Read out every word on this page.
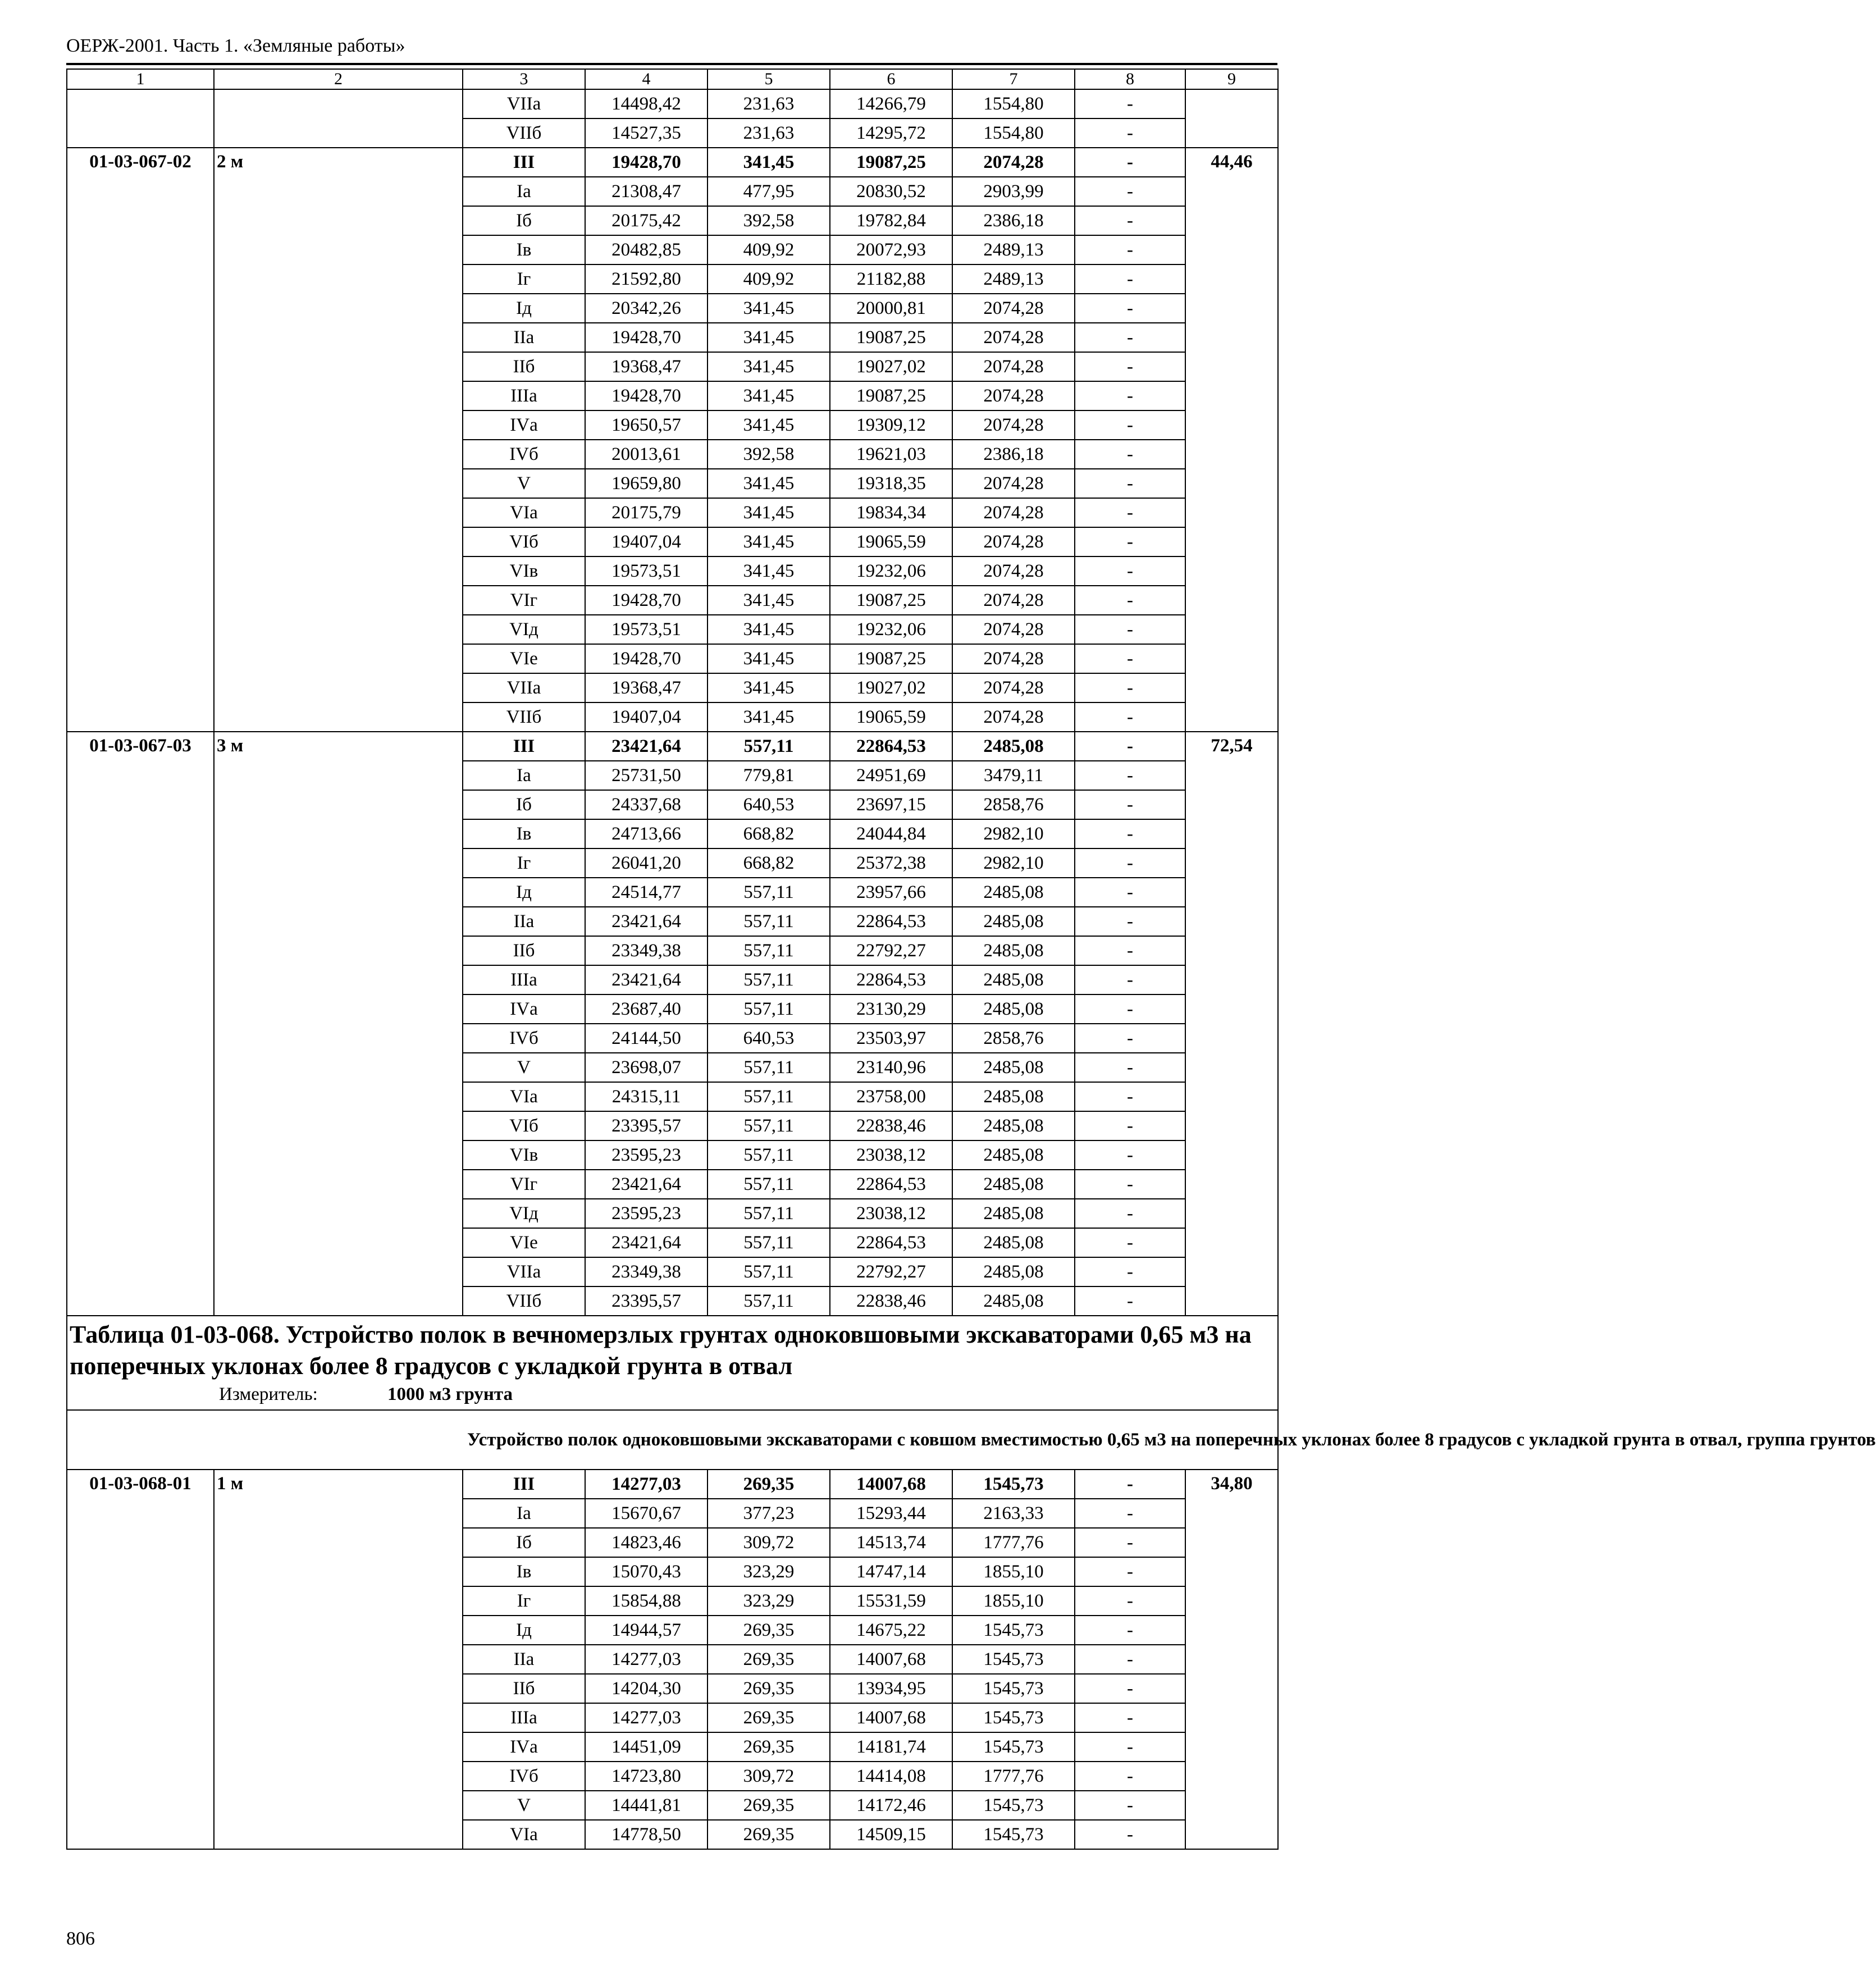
ОЕРЖ-2001. Часть 1. «Земляные работы»
1	2	3	4	5	6	7	8	9
		VIIа	14498,42	231,63	14266,79	1554,80	-	
		VIIб	14527,35	231,63	14295,72	1554,80	-	
01-03-067-02	2 м	III	19428,70	341,45	19087,25	2074,28	-	44,46
		Iа	21308,47	477,95	20830,52	2903,99	-	
		Iб	20175,42	392,58	19782,84	2386,18	-	
		Iв	20482,85	409,92	20072,93	2489,13	-	
		Iг	21592,80	409,92	21182,88	2489,13	-	
		Iд	20342,26	341,45	20000,81	2074,28	-	
		IIа	19428,70	341,45	19087,25	2074,28	-	
		IIб	19368,47	341,45	19027,02	2074,28	-	
		IIIа	19428,70	341,45	19087,25	2074,28	-	
		IVа	19650,57	341,45	19309,12	2074,28	-	
		IVб	20013,61	392,58	19621,03	2386,18	-	
		V	19659,80	341,45	19318,35	2074,28	-	
		VIа	20175,79	341,45	19834,34	2074,28	-	
		VIб	19407,04	341,45	19065,59	2074,28	-	
		VIв	19573,51	341,45	19232,06	2074,28	-	
		VIг	19428,70	341,45	19087,25	2074,28	-	
		VIд	19573,51	341,45	19232,06	2074,28	-	
		VIе	19428,70	341,45	19087,25	2074,28	-	
		VIIа	19368,47	341,45	19027,02	2074,28	-	
		VIIб	19407,04	341,45	19065,59	2074,28	-	
01-03-067-03	3 м	III	23421,64	557,11	22864,53	2485,08	-	72,54
		Iа	25731,50	779,81	24951,69	3479,11	-	
		Iб	24337,68	640,53	23697,15	2858,76	-	
		Iв	24713,66	668,82	24044,84	2982,10	-	
		Iг	26041,20	668,82	25372,38	2982,10	-	
		Iд	24514,77	557,11	23957,66	2485,08	-	
		IIа	23421,64	557,11	22864,53	2485,08	-	
		IIб	23349,38	557,11	22792,27	2485,08	-	
		IIIа	23421,64	557,11	22864,53	2485,08	-	
		IVа	23687,40	557,11	23130,29	2485,08	-	
		IVб	24144,50	640,53	23503,97	2858,76	-	
		V	23698,07	557,11	23140,96	2485,08	-	
		VIа	24315,11	557,11	23758,00	2485,08	-	
		VIб	23395,57	557,11	22838,46	2485,08	-	
		VIв	23595,23	557,11	23038,12	2485,08	-	
		VIг	23421,64	557,11	22864,53	2485,08	-	
		VIд	23595,23	557,11	23038,12	2485,08	-	
		VIе	23421,64	557,11	22864,53	2485,08	-	
		VIIа	23349,38	557,11	22792,27	2485,08	-	
		VIIб	23395,57	557,11	22838,46	2485,08	-	

Таблица 01-03-068. Устройство полок в вечномерзлых грунтах одноковшовыми экскаваторами 0,65 м3 на поперечных уклонах более 8 градусов с укладкой грунта в отвал
Измеритель: 1000 м3 грунта								

		Устройство полок одноковшовыми экскаваторами с ковшом вместимостью 0,65 м3 на поперечных уклонах более 8 градусов с укладкой грунта в отвал, группа грунтов						
01-03-068-01	1 м	III	14277,03	269,35	14007,68	1545,73	-	34,80
		Iа	15670,67	377,23	15293,44	2163,33	-	
		Iб	14823,46	309,72	14513,74	1777,76	-	
		Iв	15070,43	323,29	14747,14	1855,10	-	
		Iг	15854,88	323,29	15531,59	1855,10	-	
		Iд	14944,57	269,35	14675,22	1545,73	-	
		IIа	14277,03	269,35	14007,68	1545,73	-	
		IIб	14204,30	269,35	13934,95	1545,73	-	
		IIIа	14277,03	269,35	14007,68	1545,73	-	
		IVа	14451,09	269,35	14181,74	1545,73	-	
		IVб	14723,80	309,72	14414,08	1777,76	-	
		V	14441,81	269,35	14172,46	1545,73	-	
		VIа	14778,50	269,35	14509,15	1545,73	-	
806
